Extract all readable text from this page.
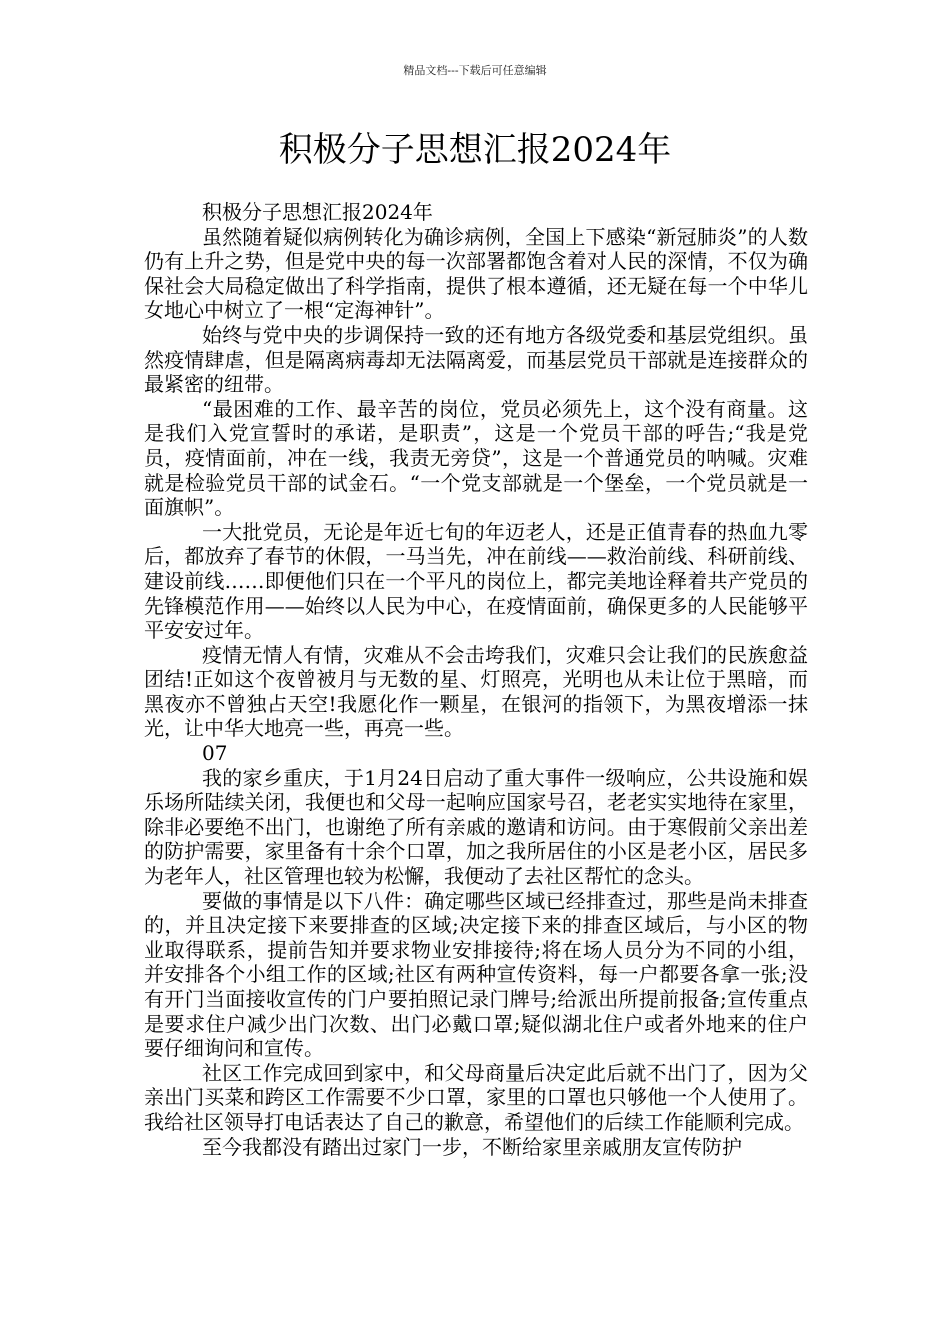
精品文档---下载后可任意编辑
积极分子思想汇报2024年

积极分子思想汇报2024年

虽然随着疑似病例转化为确诊病例，全国上下感染“新冠肺炎”的人数仍有上升之势，但是党中央的每一次部署都饱含着对人民的深情，不仅为确保社会大局稳定做出了科学指南，提供了根本遵循，还无疑在每一个中华儿女地心中树立了一根“定海神针”。

始终与党中央的步调保持一致的还有地方各级党委和基层党组织。虽然疫情肆虐，但是隔离病毒却无法隔离爱，而基层党员干部就是连接群众的最紧密的纽带。

“最困难的工作、最辛苦的岗位，党员必须先上，这个没有商量。这是我们入党宣誓时的承诺，是职责”，这是一个党员干部的呼告;“我是党员，疫情面前，冲在一线，我责无旁贷”，这是一个普通党员的呐喊。灾难就是检验党员干部的试金石。“一个党支部就是一个堡垒，一个党员就是一面旗帜”。

一大批党员，无论是年近七旬的年迈老人，还是正值青春的热血九零后，都放弃了春节的休假，一马当先，冲在前线——救治前线、科研前线、建设前线……即便他们只在一个平凡的岗位上，都完美地诠释着共产党员的先锋模范作用——始终以人民为中心，在疫情面前，确保更多的人民能够平平安安过年。

疫情无情人有情，灾难从不会击垮我们，灾难只会让我们的民族愈益团结!正如这个夜曾被月与无数的星、灯照亮，光明也从未让位于黑暗，而黑夜亦不曾独占天空!我愿化作一颗星，在银河的指领下，为黑夜增添一抹光，让中华大地亮一些，再亮一些。

07

我的家乡重庆，于1月24日启动了重大事件一级响应，公共设施和娱乐场所陆续关闭，我便也和父母一起响应国家号召，老老实实地待在家里，除非必要绝不出门，也谢绝了所有亲戚的邀请和访问。由于寒假前父亲出差的防护需要，家里备有十余个口罩，加之我所居住的小区是老小区，居民多为老年人，社区管理也较为松懈，我便动了去社区帮忙的念头。

要做的事情是以下八件：确定哪些区域已经排查过，那些是尚未排查的，并且决定接下来要排查的区域;决定接下来的排查区域后，与小区的物业取得联系，提前告知并要求物业安排接待;将在场人员分为不同的小组，并安排各个小组工作的区域;社区有两种宣传资料，每一户都要各拿一张;没有开门当面接收宣传的门户要拍照记录门牌号;给派出所提前报备;宣传重点是要求住户减少出门次数、出门必戴口罩;疑似湖北住户或者外地来的住户要仔细询问和宣传。

社区工作完成回到家中，和父母商量后决定此后就不出门了，因为父亲出门买菜和跨区工作需要不少口罩，家里的口罩也只够他一个人使用了。我给社区领导打电话表达了自己的歉意，希望他们的后续工作能顺利完成。

至今我都没有踏出过家门一步，不断给家里亲戚朋友宣传防护
